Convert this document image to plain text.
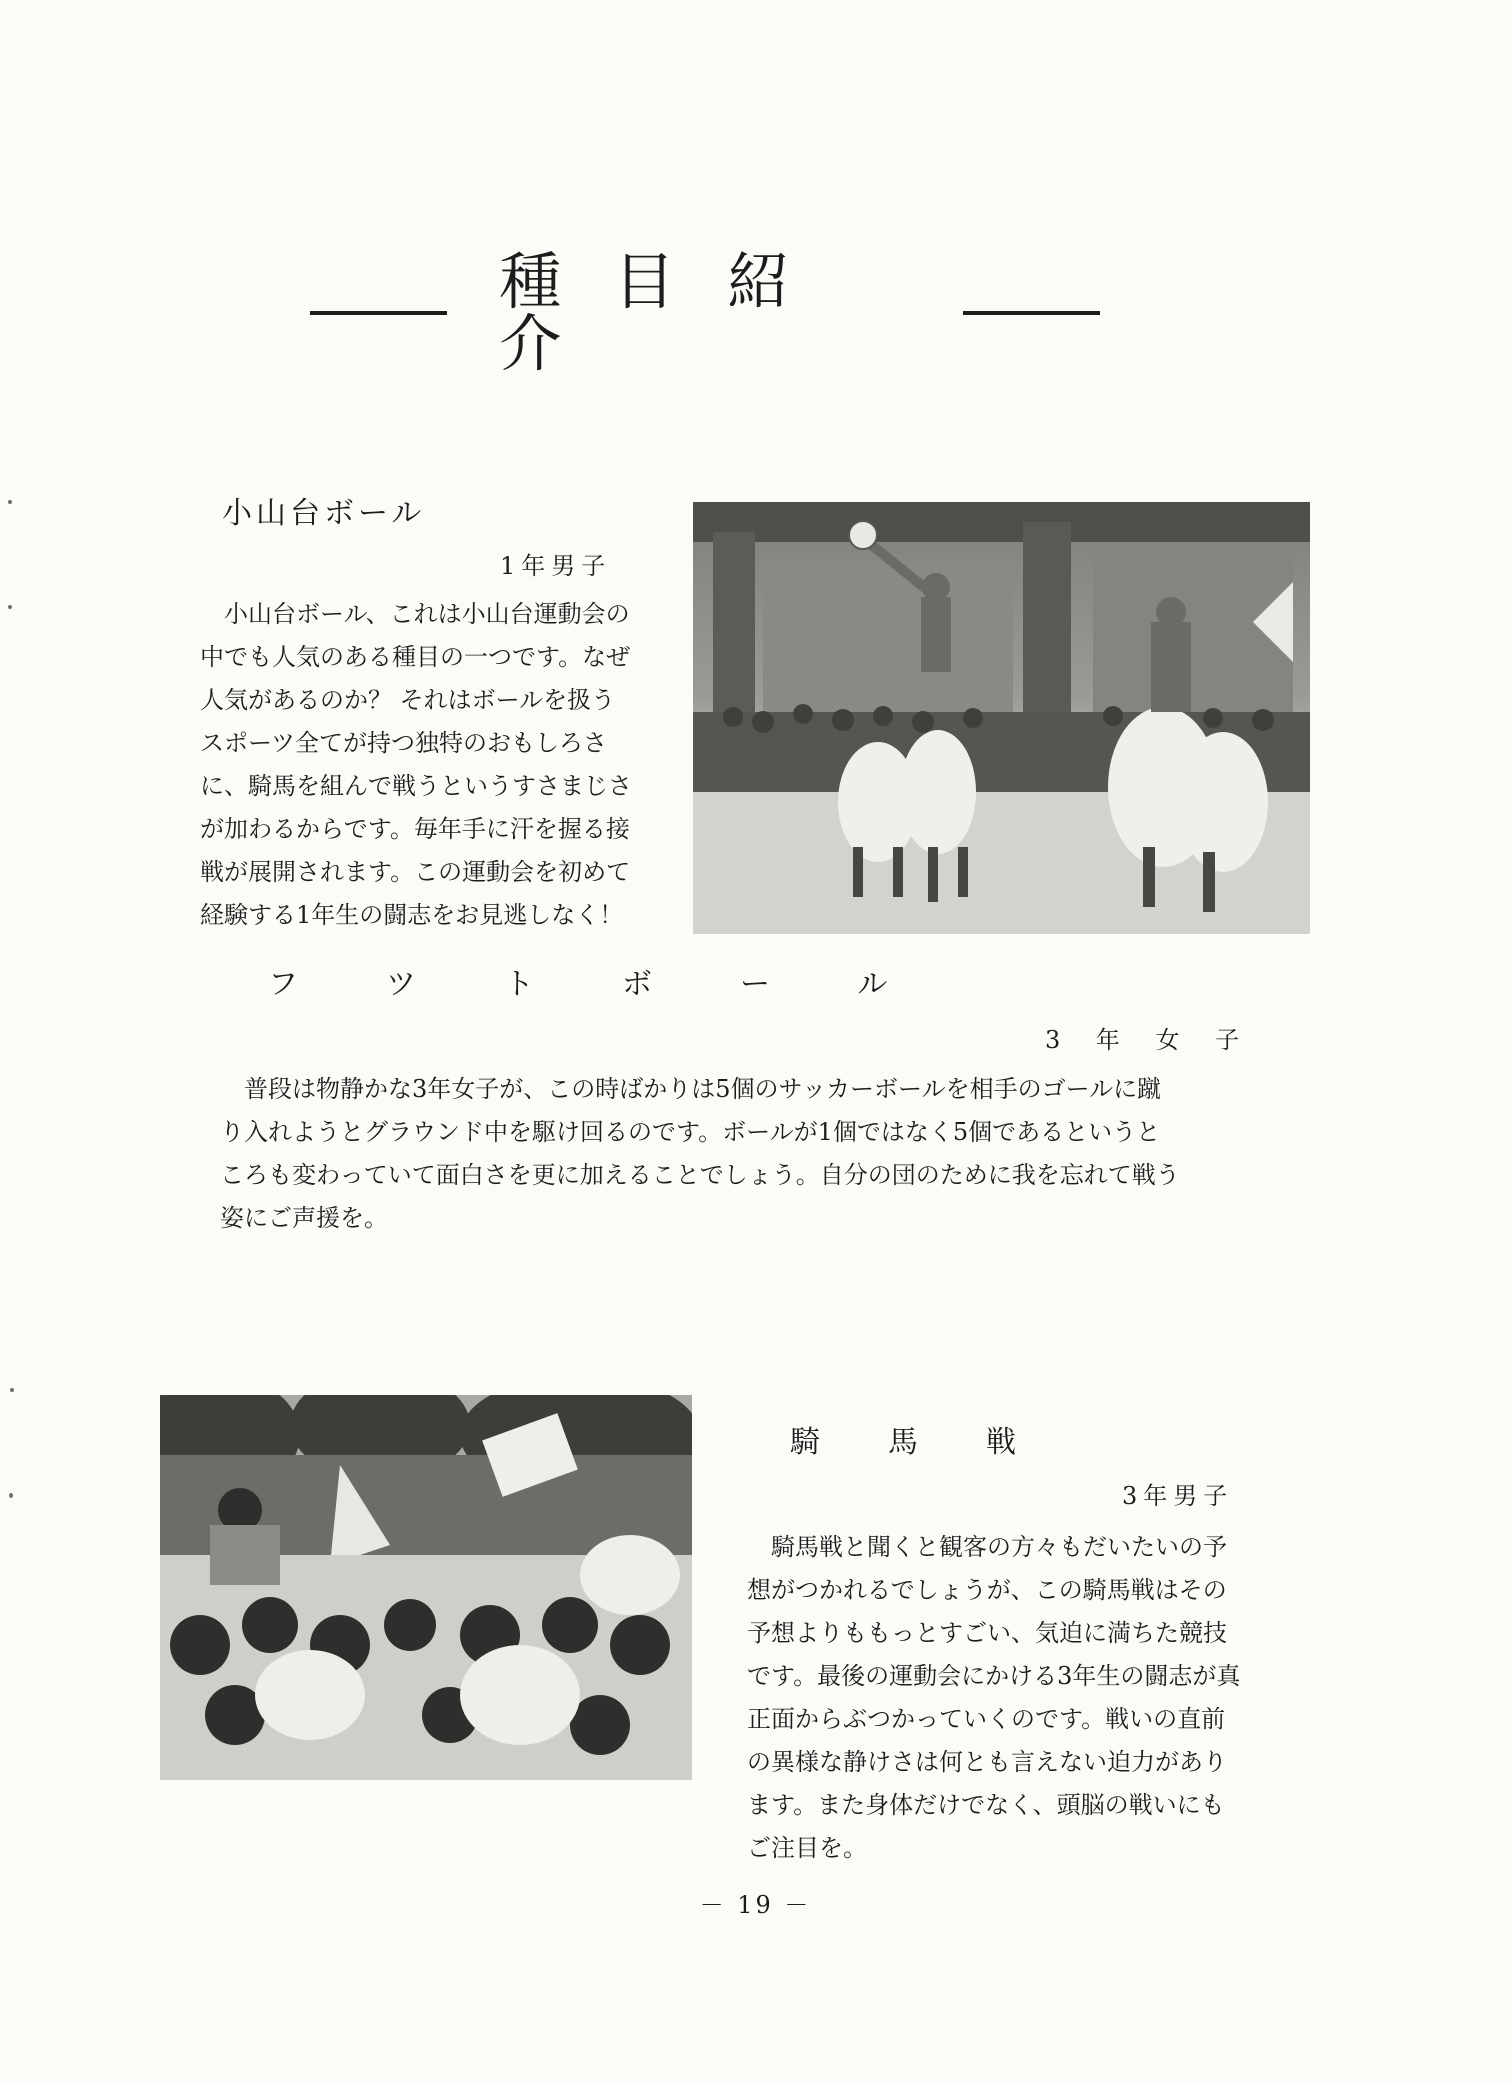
種目紹介
小山台ボール
1年男子

小山台ボール、これは小山台運動会の中でも人気のある種目の一つです。なぜ人気があるのか？ それはボールを扱うスポーツ全てが持つ独特のおもしろさに、騎馬を組んで戦うというすさまじさが加わるからです。毎年手に汗を握る接戦が展開されます。この運動会を初めて経験する1年生の闘志をお見逃しなく！

フツトボール
3 年 女 子

普段は物静かな3年女子が、この時ばかりは5個のサッカーボールを相手のゴールに蹴り入れようとグラウンド中を駆け回るのです。ボールが1個ではなく5個であるというところも変わっていて面白さを更に加えることでしょう。自分の団のために我を忘れて戦う姿にご声援を。

騎馬戦
3年男子

騎馬戦と聞くと観客の方々もだいたいの予想がつかれるでしょうが、この騎馬戦はその予想よりももっとすごい、気迫に満ちた競技です。最後の運動会にかける3年生の闘志が真正面からぶつかっていくのです。戦いの直前の異様な静けさは何とも言えない迫力があります。また身体だけでなく、頭脳の戦いにもご注目を。

－ 19 －
